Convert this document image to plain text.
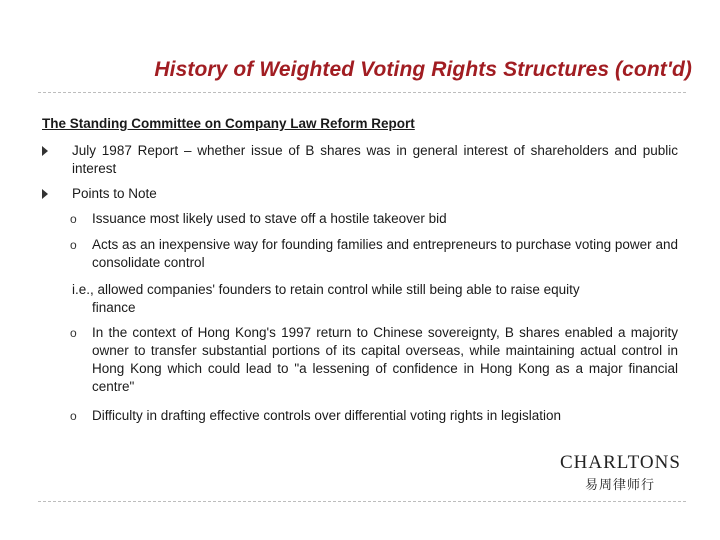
History of Weighted Voting Rights Structures (cont'd)
The Standing Committee on Company Law Reform Report
July 1987 Report – whether issue of B shares was in general interest of shareholders and public interest
Points to Note
o Issuance most likely used to stave off a hostile takeover bid
o Acts as an inexpensive way for founding families and entrepreneurs to purchase voting power and consolidate control
i.e., allowed companies' founders to retain control while still being able to raise equity
finance
o In the context of Hong Kong's 1997 return to Chinese sovereignty, B shares enabled a majority owner to transfer substantial portions of its capital overseas, while maintaining actual control in Hong Kong which could lead to "a lessening of confidence in Hong Kong as a major financial centre"
o Difficulty in drafting effective controls over differential voting rights in legislation
CHARLTONS
易周律师行
